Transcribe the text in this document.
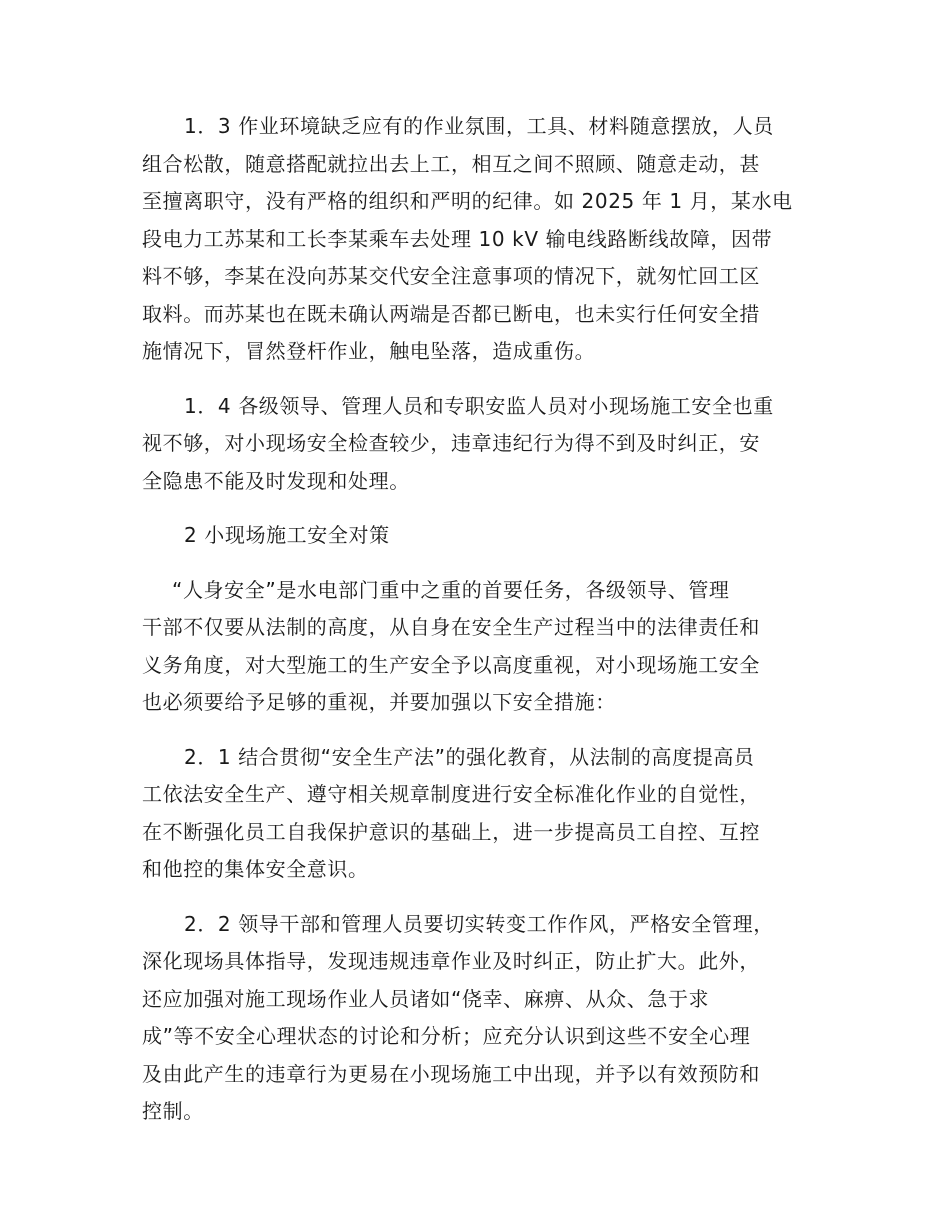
1．3 作业环境缺乏应有的作业氛围，工具、材料随意摆放，人员
组合松散，随意搭配就拉出去上工，相互之间不照顾、随意走动，甚
至擅离职守，没有严格的组织和严明的纪律。如 2025 年 1 月，某水电
段电力工苏某和工长李某乘车去处理 10 kV 输电线路断线故障，因带
料不够，李某在没向苏某交代安全注意事项的情况下，就匆忙回工区
取料。而苏某也在既未确认两端是否都已断电，也未实行任何安全措
施情况下，冒然登杆作业，触电坠落，造成重伤。

1．4 各级领导、管理人员和专职安监人员对小现场施工安全也重
视不够，对小现场安全检查较少，违章违纪行为得不到及时纠正，安
全隐患不能及时发现和处理。

2 小现场施工安全对策

“人身安全”是水电部门重中之重的首要任务，各级领导、管理
干部不仅要从法制的高度，从自身在安全生产过程当中的法律责任和
义务角度，对大型施工的生产安全予以高度重视，对小现场施工安全
也必须要给予足够的重视，并要加强以下安全措施：

2．1 结合贯彻“安全生产法”的强化教育，从法制的高度提高员
工依法安全生产、遵守相关规章制度进行安全标准化作业的自觉性，
在不断强化员工自我保护意识的基础上，进一步提高员工自控、互控
和他控的集体安全意识。

2．2 领导干部和管理人员要切实转变工作作风，严格安全管理，
深化现场具体指导，发现违规违章作业及时纠正，防止扩大。此外，
还应加强对施工现场作业人员诸如“侥幸、麻痹、从众、急于求
成”等不安全心理状态的讨论和分析；应充分认识到这些不安全心理
及由此产生的违章行为更易在小现场施工中出现，并予以有效预防和
控制。
